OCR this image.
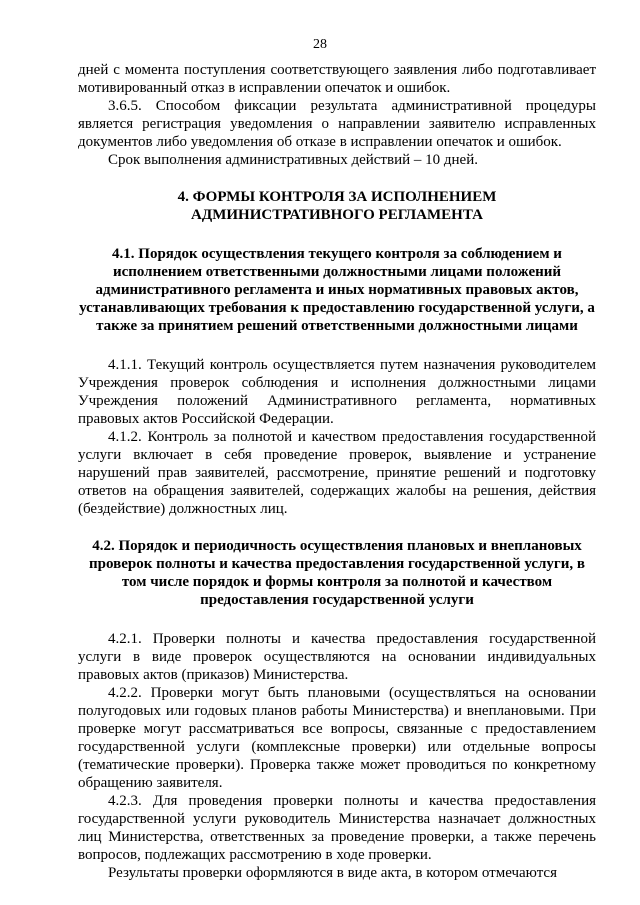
28

дней с момента поступления соответствующего заявления либо подготавливает мотивированный отказ в исправлении опечаток и ошибок.

3.6.5. Способом фиксации результата административной процедуры является регистрация уведомления о направлении заявителю исправленных документов либо уведомления об отказе в исправлении опечаток и ошибок.

Срок выполнения административных действий – 10 дней.

4. ФОРМЫ КОНТРОЛЯ ЗА ИСПОЛНЕНИЕМ
АДМИНИСТРАТИВНОГО РЕГЛАМЕНТА
4.1. Порядок осуществления текущего контроля за соблюдением и исполнением ответственными должностными лицами положений административного регламента и иных нормативных правовых актов, устанавливающих требования к предоставлению государственной услуги, а также за принятием решений ответственными должностными лицами

4.1.1. Текущий контроль осуществляется путем назначения руководителем Учреждения проверок соблюдения и исполнения должностными лицами Учреждения положений Административного регламента, нормативных правовых актов Российской Федерации.

4.1.2. Контроль за полнотой и качеством предоставления государственной услуги включает в себя проведение проверок, выявление и устранение нарушений прав заявителей, рассмотрение, принятие решений и подготовку ответов на обращения заявителей, содержащих жалобы на решения, действия (бездействие) должностных лиц.

4.2. Порядок и периодичность осуществления плановых и внеплановых проверок полноты и качества предоставления государственной услуги, в том числе порядок и формы контроля за полнотой и качеством предоставления государственной услуги

4.2.1. Проверки полноты и качества предоставления государственной услуги в виде проверок осуществляются на основании индивидуальных правовых актов (приказов) Министерства.

4.2.2. Проверки могут быть плановыми (осуществляться на основании полугодовых или годовых планов работы Министерства) и внеплановыми. При проверке могут рассматриваться все вопросы, связанные с предоставлением государственной услуги (комплексные проверки) или отдельные вопросы (тематические проверки). Проверка также может проводиться по конкретному обращению заявителя.

4.2.3. Для проведения проверки полноты и качества предоставления государственной услуги руководитель Министерства назначает должностных лиц Министерства, ответственных за проведение проверки, а также перечень вопросов, подлежащих рассмотрению в ходе проверки.

Результаты проверки оформляются в виде акта, в котором отмечаются
